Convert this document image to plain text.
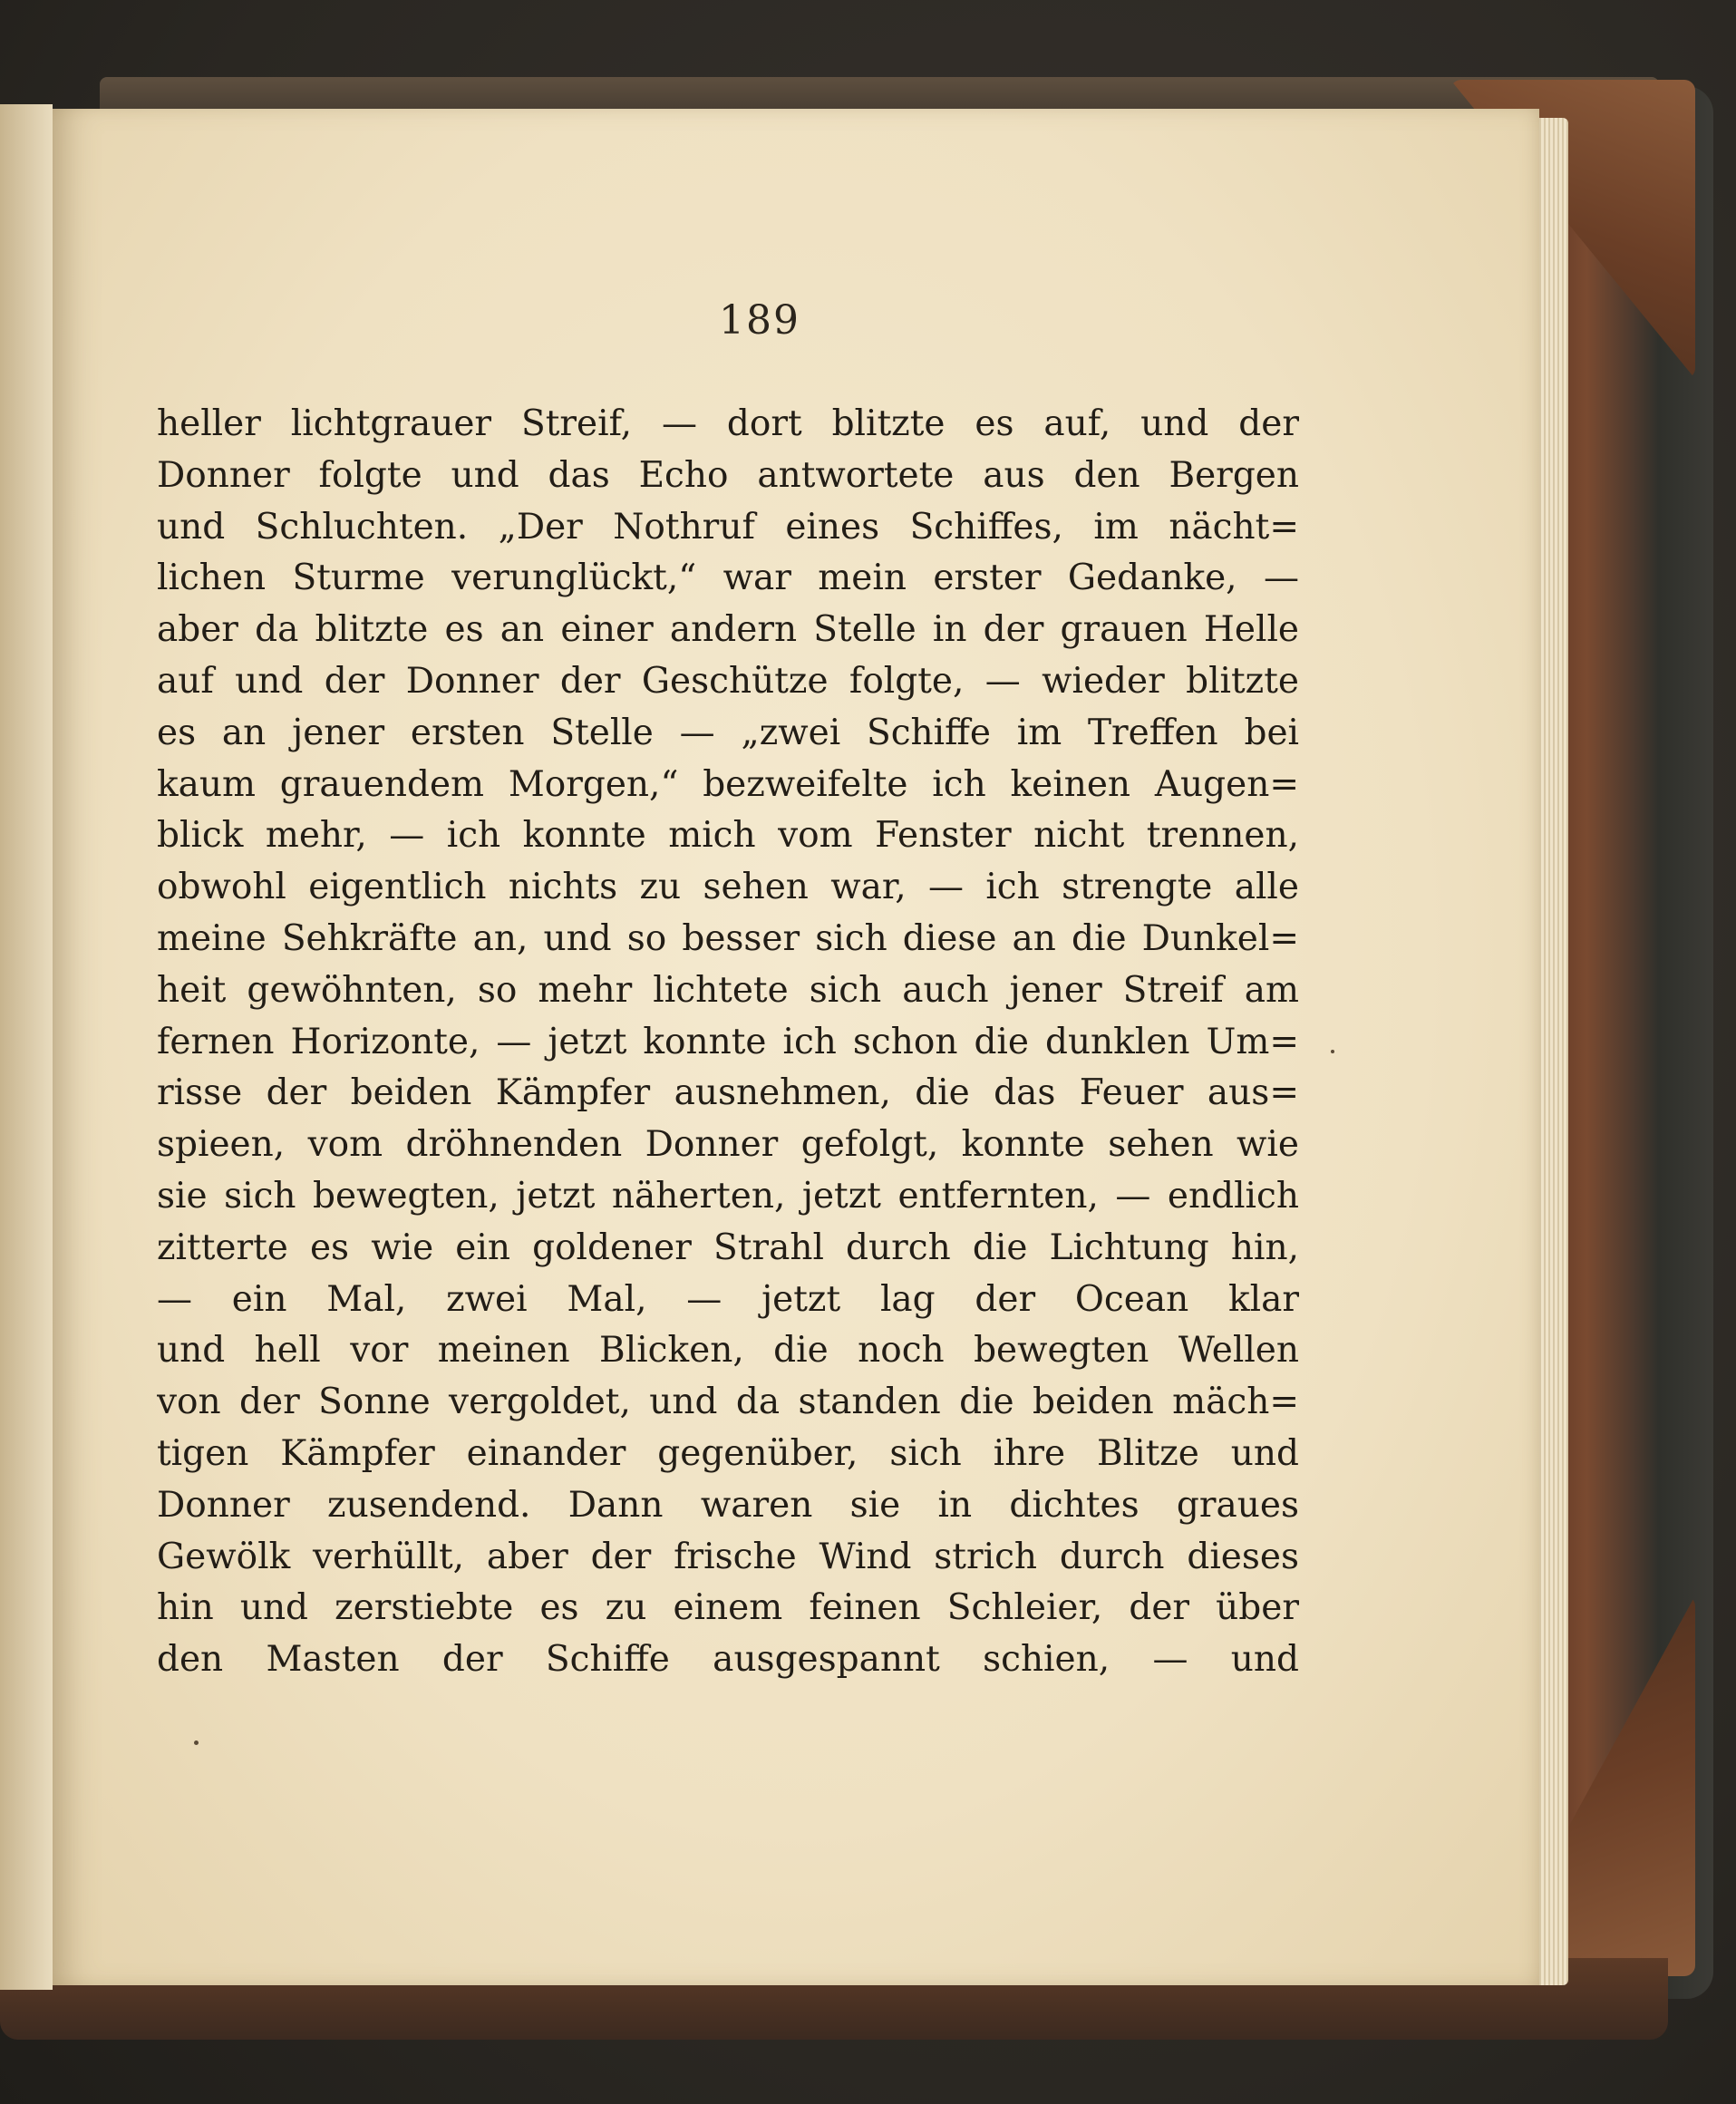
189
heller lichtgrauer Streif, — dort blitzte es auf, und der
Donner folgte und das Echo antwortete aus den Bergen
und Schluchten. „Der Nothruf eines Schiffes, im nächt=
lichen Sturme verunglückt,“ war mein erster Gedanke, —
aber da blitzte es an einer andern Stelle in der grauen Helle
auf und der Donner der Geschütze folgte, — wieder blitzte
es an jener ersten Stelle — „zwei Schiffe im Treffen bei
kaum grauendem Morgen,“ bezweifelte ich keinen Augen=
blick mehr, — ich konnte mich vom Fenster nicht trennen,
obwohl eigentlich nichts zu sehen war, — ich strengte alle
meine Sehkräfte an, und so besser sich diese an die Dunkel=
heit gewöhnten, so mehr lichtete sich auch jener Streif am
fernen Horizonte, — jetzt konnte ich schon die dunklen Um=
risse der beiden Kämpfer ausnehmen, die das Feuer aus=
spieen, vom dröhnenden Donner gefolgt, konnte sehen wie
sie sich bewegten, jetzt näherten, jetzt entfernten, — endlich
zitterte es wie ein goldener Strahl durch die Lichtung hin,
— ein Mal, zwei Mal, — jetzt lag der Ocean klar
und hell vor meinen Blicken, die noch bewegten Wellen
von der Sonne vergoldet, und da standen die beiden mäch=
tigen Kämpfer einander gegenüber, sich ihre Blitze und
Donner zusendend. Dann waren sie in dichtes graues
Gewölk verhüllt, aber der frische Wind strich durch dieses
hin und zerstiebte es zu einem feinen Schleier, der über
den Masten der Schiffe ausgespannt schien, — und
